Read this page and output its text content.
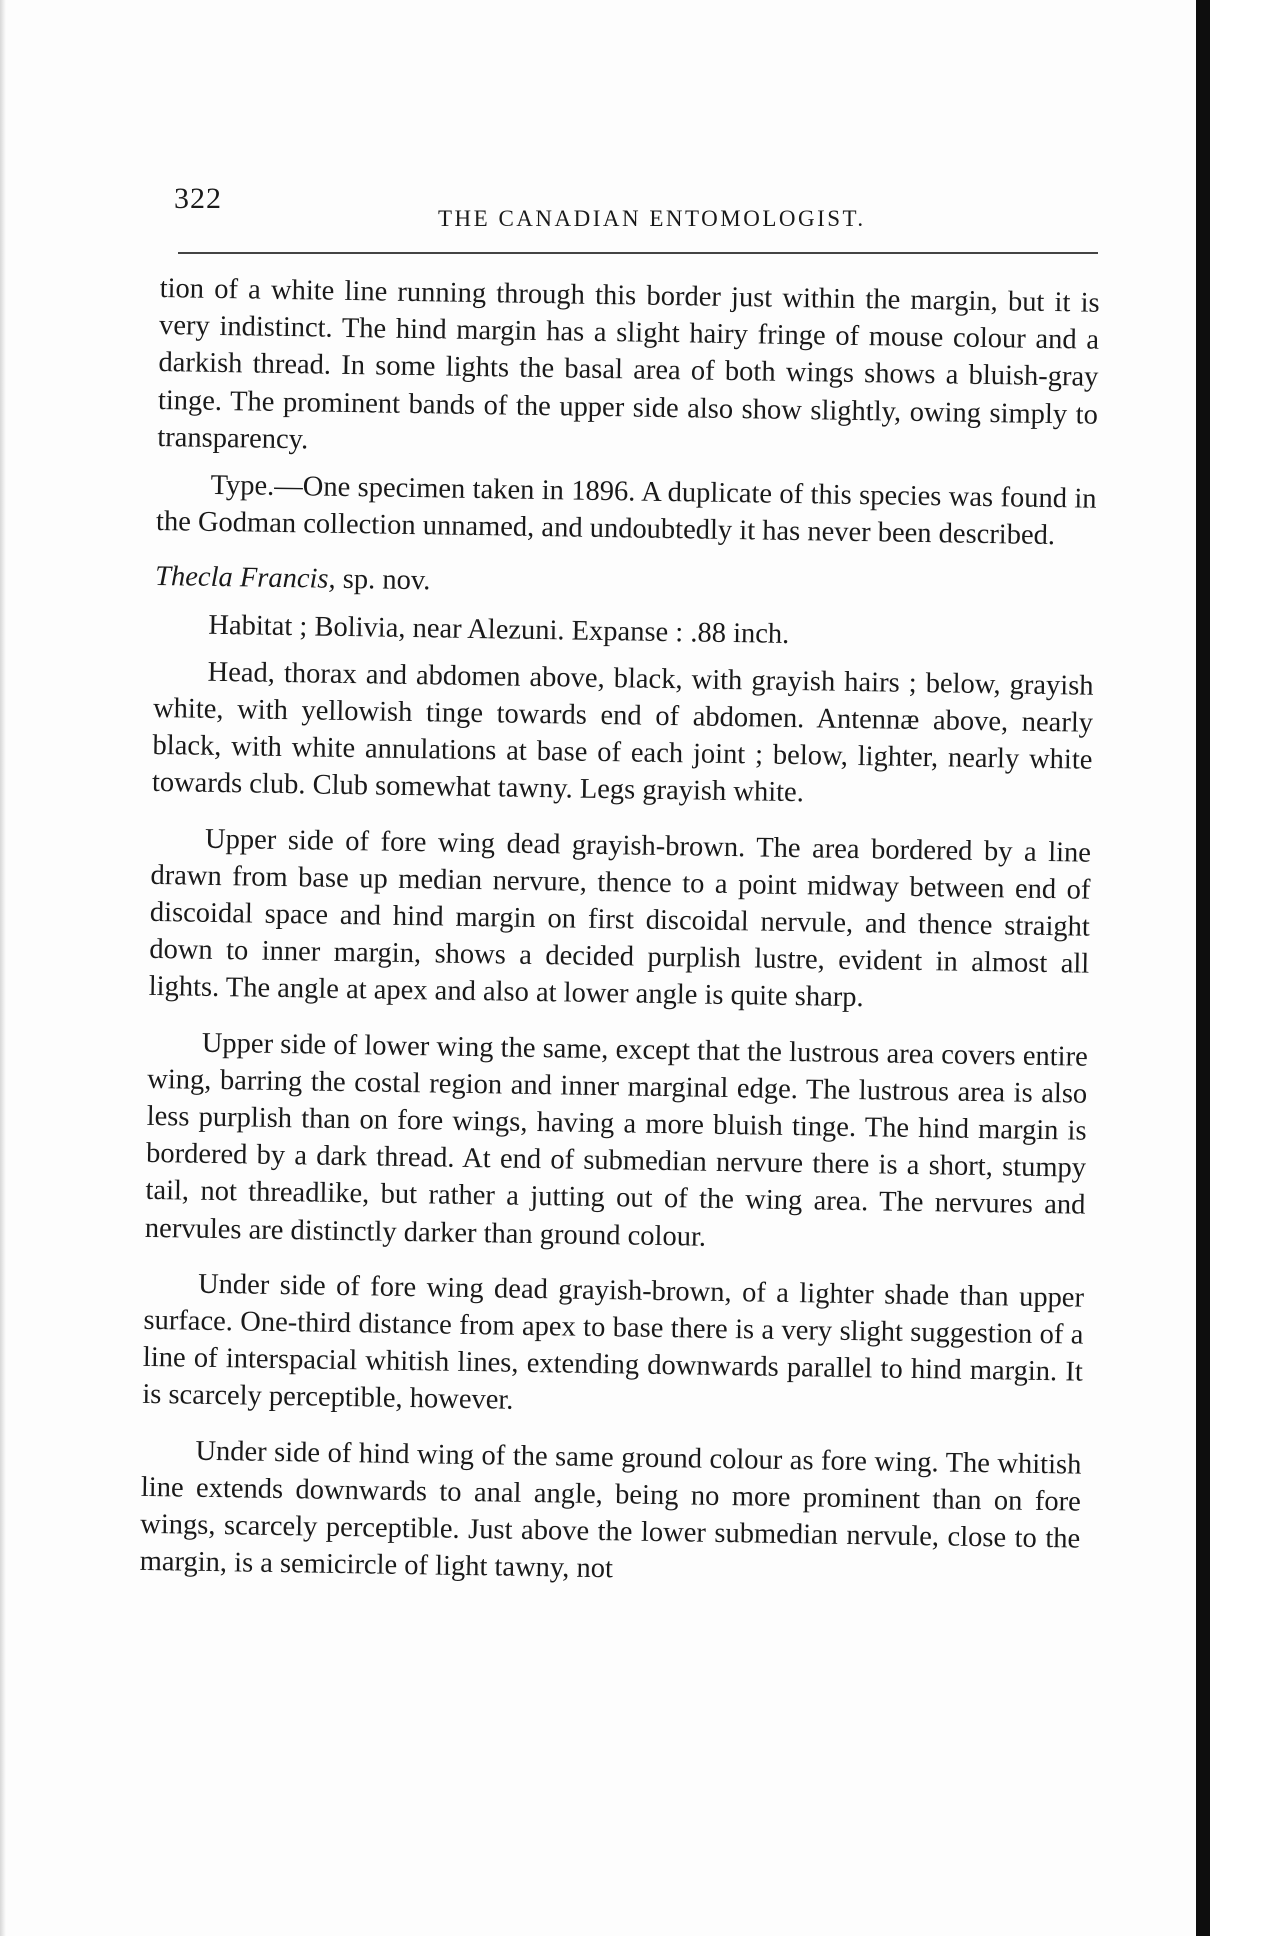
322
THE CANADIAN ENTOMOLOGIST.

tion of a white line running through this border just within the margin, but it is very indistinct. The hind margin has a slight hairy fringe of mouse colour and a darkish thread. In some lights the basal area of both wings shows a bluish-gray tinge. The prominent bands of the upper side also show slightly, owing simply to transparency.

Type.—One specimen taken in 1896. A duplicate of this species was found in the Godman collection unnamed, and undoubtedly it has never been described.

Thecla Francis, sp. nov.

Habitat ; Bolivia, near Alezuni. Expanse : .88 inch.

Head, thorax and abdomen above, black, with grayish hairs ; below, grayish white, with yellowish tinge towards end of abdomen. Antennæ above, nearly black, with white annulations at base of each joint ; below, lighter, nearly white towards club. Club somewhat tawny. Legs grayish white.

Upper side of fore wing dead grayish-brown. The area bordered by a line drawn from base up median nervure, thence to a point midway between end of discoidal space and hind margin on first discoidal nervule, and thence straight down to inner margin, shows a decided purplish lustre, evident in almost all lights. The angle at apex and also at lower angle is quite sharp.

Upper side of lower wing the same, except that the lustrous area covers entire wing, barring the costal region and inner marginal edge. The lustrous area is also less purplish than on fore wings, having a more bluish tinge. The hind margin is bordered by a dark thread. At end of submedian nervure there is a short, stumpy tail, not threadlike, but rather a jutting out of the wing area. The nervures and nervules are distinctly darker than ground colour.

Under side of fore wing dead grayish-brown, of a lighter shade than upper surface. One-third distance from apex to base there is a very slight suggestion of a line of interspacial whitish lines, extending downwards parallel to hind margin. It is scarcely perceptible, however.

Under side of hind wing of the same ground colour as fore wing. The whitish line extends downwards to anal angle, being no more prominent than on fore wings, scarcely perceptible. Just above the lower submedian nervule, close to the margin, is a semicircle of light tawny, not
